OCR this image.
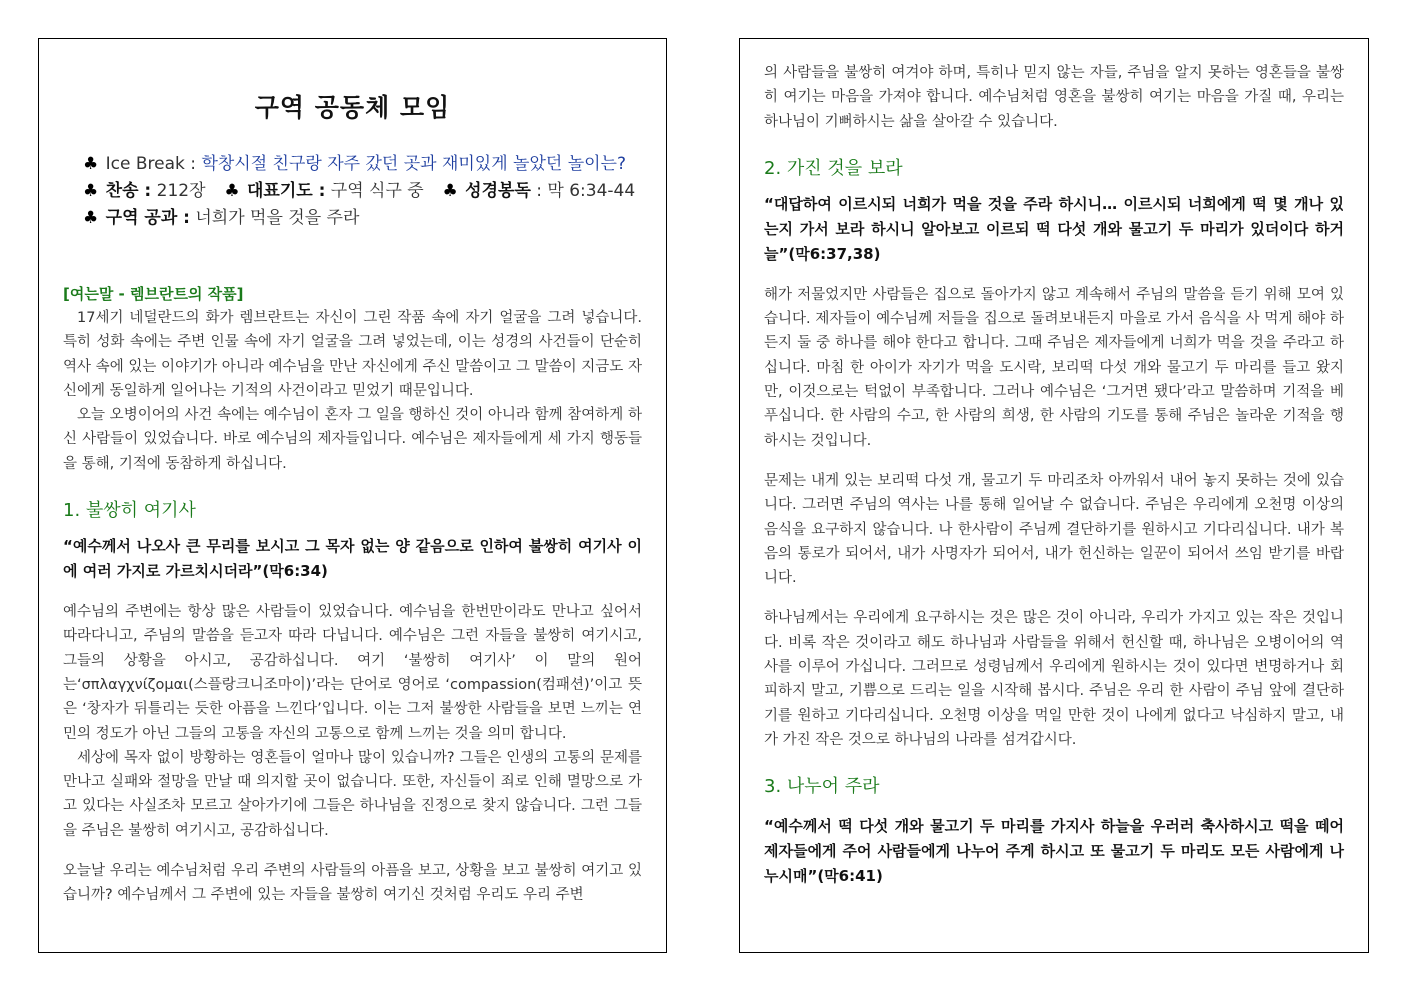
구역 공동체 모임
♣ Ice Break : 학창시절 친구랑 자주 갔던 곳과 재미있게 놀았던 놀이는?
♣ 찬송 : 212장 ♣ 대표기도 : 구역 식구 중 ♣ 성경봉독 : 막 6:34-44
♣ 구역 공과 : 너희가 먹을 것을 주라
[여는말 - 렘브란트의 작품]

17세기 네덜란드의 화가 렘브란트는 자신이 그린 작품 속에 자기 얼굴을 그려 넣습니다. 특히 성화 속에는 주변 인물 속에 자기 얼굴을 그려 넣었는데, 이는 성경의 사건들이 단순히 역사 속에 있는 이야기가 아니라 예수님을 만난 자신에게 주신 말씀이고 그 말씀이 지금도 자신에게 동일하게 일어나는 기적의 사건이라고 믿었기 때문입니다.

오늘 오병이어의 사건 속에는 예수님이 혼자 그 일을 행하신 것이 아니라 함께 참여하게 하신 사람들이 있었습니다. 바로 예수님의 제자들입니다. 예수님은 제자들에게 세 가지 행동들을 통해, 기적에 동참하게 하십니다.

1. 불쌍히 여기사

“예수께서 나오사 큰 무리를 보시고 그 목자 없는 양 같음으로 인하여 불쌍히 여기사 이에 여러 가지로 가르치시더라”(막6:34)

예수님의 주변에는 항상 많은 사람들이 있었습니다. 예수님을 한번만이라도 만나고 싶어서 따라다니고, 주님의 말씀을 듣고자 따라 다닙니다. 예수님은 그런 자들을 불쌍히 여기시고, 그들의 상황을 아시고, 공감하십니다. 여기 ‘불쌍히 여기사’ 이 말의 원어는‘σπλαγχνίζομαι(스플랑크니조마이)’라는 단어로 영어로 ‘compassion(컴패션)’이고 뜻은 ‘창자가 뒤틀리는 듯한 아픔을 느낀다’입니다. 이는 그저 불쌍한 사람들을 보면 느끼는 연민의 정도가 아닌 그들의 고통을 자신의 고통으로 함께 느끼는 것을 의미 합니다.

세상에 목자 없이 방황하는 영혼들이 얼마나 많이 있습니까? 그들은 인생의 고통의 문제를 만나고 실패와 절망을 만날 때 의지할 곳이 없습니다. 또한, 자신들이 죄로 인해 멸망으로 가고 있다는 사실조차 모르고 살아가기에 그들은 하나님을 진정으로 찾지 않습니다. 그런 그들을 주님은 불쌍히 여기시고, 공감하십니다.

오늘날 우리는 예수님처럼 우리 주변의 사람들의 아픔을 보고, 상황을 보고 불쌍히 여기고 있습니까? 예수님께서 그 주변에 있는 자들을 불쌍히 여기신 것처럼 우리도 우리 주변

의 사람들을 불쌍히 여겨야 하며, 특히나 믿지 않는 자들, 주님을 알지 못하는 영혼들을 불쌍히 여기는 마음을 가져야 합니다. 예수님처럼 영혼을 불쌍히 여기는 마음을 가질 때, 우리는 하나님이 기뻐하시는 삶을 살아갈 수 있습니다.

2. 가진 것을 보라

“대답하여 이르시되 너희가 먹을 것을 주라 하시니… 이르시되 너희에게 떡 몇 개나 있는지 가서 보라 하시니 알아보고 이르되 떡 다섯 개와 물고기 두 마리가 있더이다 하거늘”(막6:37,38)

해가 저물었지만 사람들은 집으로 돌아가지 않고 계속해서 주님의 말씀을 듣기 위해 모여 있습니다. 제자들이 예수님께 저들을 집으로 돌려보내든지 마을로 가서 음식을 사 먹게 해야 하든지 둘 중 하나를 해야 한다고 합니다. 그때 주님은 제자들에게 너희가 먹을 것을 주라고 하십니다. 마침 한 아이가 자기가 먹을 도시락, 보리떡 다섯 개와 물고기 두 마리를 들고 왔지만, 이것으로는 턱없이 부족합니다. 그러나 예수님은 ‘그거면 됐다’라고 말씀하며 기적을 베푸십니다. 한 사람의 수고, 한 사람의 희생, 한 사람의 기도를 통해 주님은 놀라운 기적을 행하시는 것입니다.

문제는 내게 있는 보리떡 다섯 개, 물고기 두 마리조차 아까워서 내어 놓지 못하는 것에 있습니다. 그러면 주님의 역사는 나를 통해 일어날 수 없습니다. 주님은 우리에게 오천명 이상의 음식을 요구하지 않습니다. 나 한사람이 주님께 결단하기를 원하시고 기다리십니다. 내가 복음의 통로가 되어서, 내가 사명자가 되어서, 내가 헌신하는 일꾼이 되어서 쓰임 받기를 바랍니다.

하나님께서는 우리에게 요구하시는 것은 많은 것이 아니라, 우리가 가지고 있는 작은 것입니다. 비록 작은 것이라고 해도 하나님과 사람들을 위해서 헌신할 때, 하나님은 오병이어의 역사를 이루어 가십니다. 그러므로 성령님께서 우리에게 원하시는 것이 있다면 변명하거나 회피하지 말고, 기쁨으로 드리는 일을 시작해 봅시다. 주님은 우리 한 사람이 주님 앞에 결단하기를 원하고 기다리십니다. 오천명 이상을 먹일 만한 것이 나에게 없다고 낙심하지 말고, 내가 가진 작은 것으로 하나님의 나라를 섬겨갑시다.

3. 나누어 주라

“예수께서 떡 다섯 개와 물고기 두 마리를 가지사 하늘을 우러러 축사하시고 떡을 떼어 제자들에게 주어 사람들에게 나누어 주게 하시고 또 물고기 두 마리도 모든 사람에게 나누시매”(막6:41)
